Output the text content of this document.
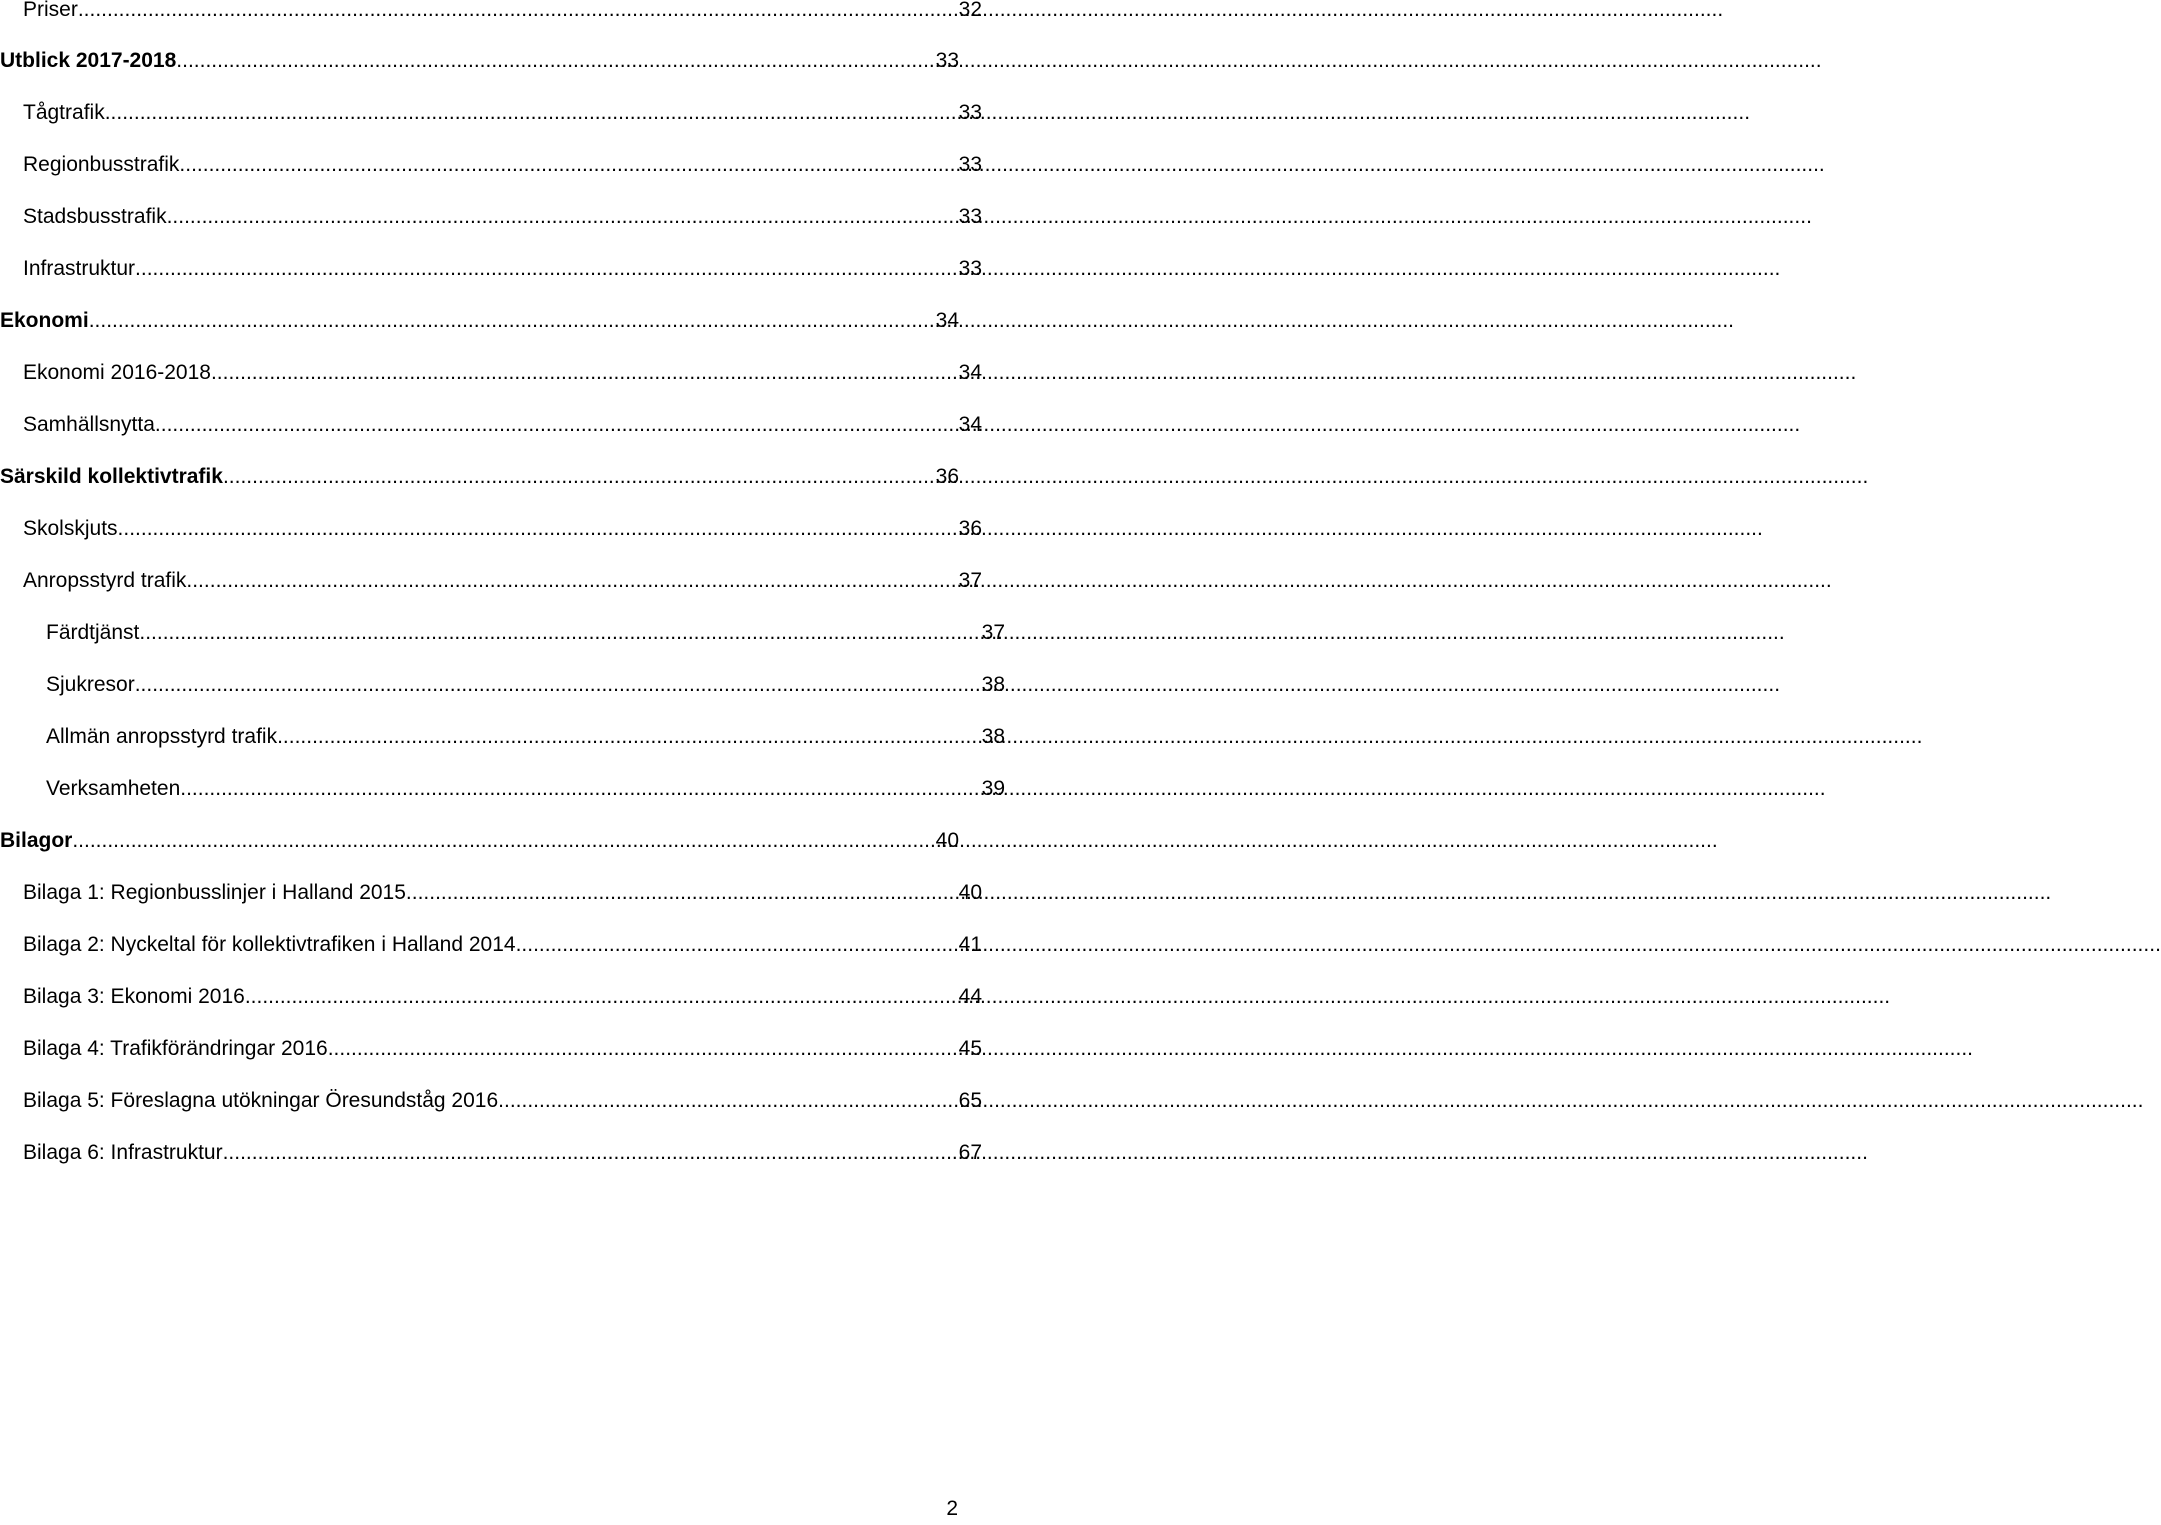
Priser .....	32
Utblick 2017-2018 .....	33
Tågtrafik .....	33
Regionbusstrafik .....	33
Stadsbusstrafik .....	33
Infrastruktur .....	33
Ekonomi .....	34
Ekonomi 2016-2018 .....	34
Samhällsnytta .....	34
Särskild kollektivtrafik .....	36
Skolskjuts .....	36
Anropsstyrd trafik .....	37
Färdtjänst .....	37
Sjukresor .....	38
Allmän anropsstyrd trafik .....	38
Verksamheten .....	39
Bilagor .....	40
Bilaga 1: Regionbusslinjer i Halland 2015 .....	40
Bilaga 2: Nyckeltal för kollektivtrafiken i Halland 2014 .....	41
Bilaga 3: Ekonomi 2016 .....	44
Bilaga 4: Trafikförändringar 2016 .....	45
Bilaga 5: Föreslagna utökningar Öresundståg 2016 .....	65
Bilaga 6: Infrastruktur .....	67
2
